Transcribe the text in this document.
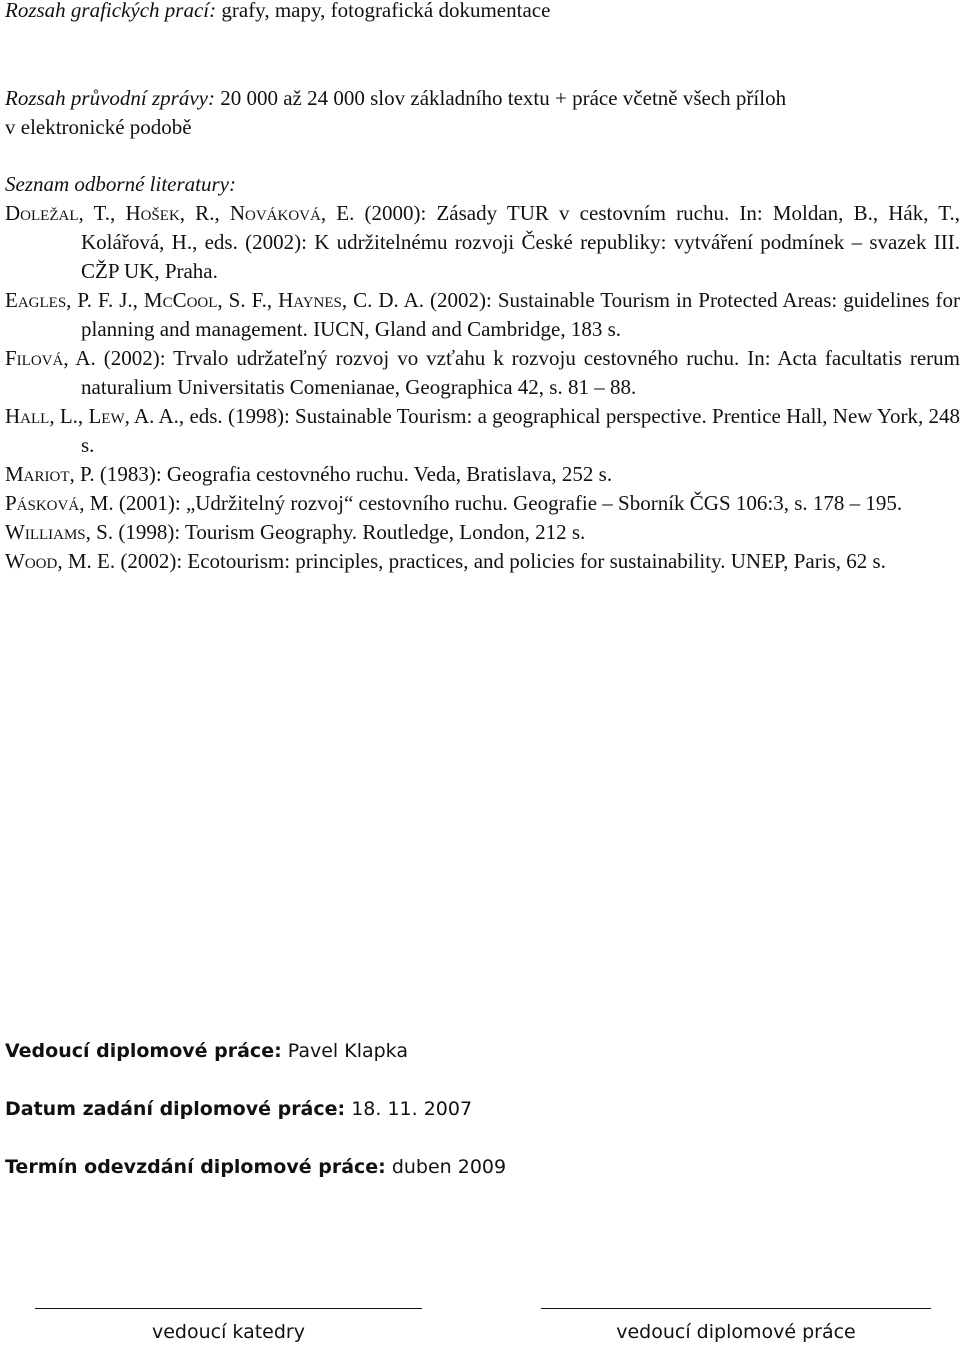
Rozsah grafických prací: grafy, mapy, fotografická dokumentace
Rozsah průvodní zprávy: 20 000 až 24 000 slov základního textu + práce včetně všech příloh
v elektronické podobě
Seznam odborné literatury:

Doležal, T., Hošek, R., Nováková, E. (2000): Zásady TUR v cestovním ruchu. In: Moldan, B., Hák, T., Kolářová, H., eds. (2002): K udržitelnému rozvoji České republiky: vytváření podmínek – svazek III. CŽP UK, Praha.

Eagles, P. F. J., McCool, S. F., Haynes, C. D. A. (2002): Sustainable Tourism in Protected Areas: guidelines for planning and management. IUCN, Gland and Cambridge, 183 s.

Filová, A. (2002): Trvalo udržateľný rozvoj vo vzťahu k rozvoju cestovného ruchu. In: Acta facultatis rerum naturalium Universitatis Comenianae, Geographica 42, s. 81 – 88.

Hall, L., Lew, A. A., eds. (1998): Sustainable Tourism: a geographical perspective. Prentice Hall, New York, 248 s.

Mariot, P. (1983): Geografia cestovného ruchu. Veda, Bratislava, 252 s.

Pásková, M. (2001): „Udržitelný rozvoj“ cestovního ruchu. Geografie – Sborník ČGS 106:3, s. 178 – 195.

Williams, S. (1998): Tourism Geography. Routledge, London, 212 s.

Wood, M. E. (2002): Ecotourism: principles, practices, and policies for sustainability. UNEP, Paris, 62 s.

Vedoucí diplomové práce: Pavel Klapka
Datum zadání diplomové práce: 18. 11. 2007
Termín odevzdání diplomové práce: duben 2009
vedoucí katedry	vedoucí diplomové práce
